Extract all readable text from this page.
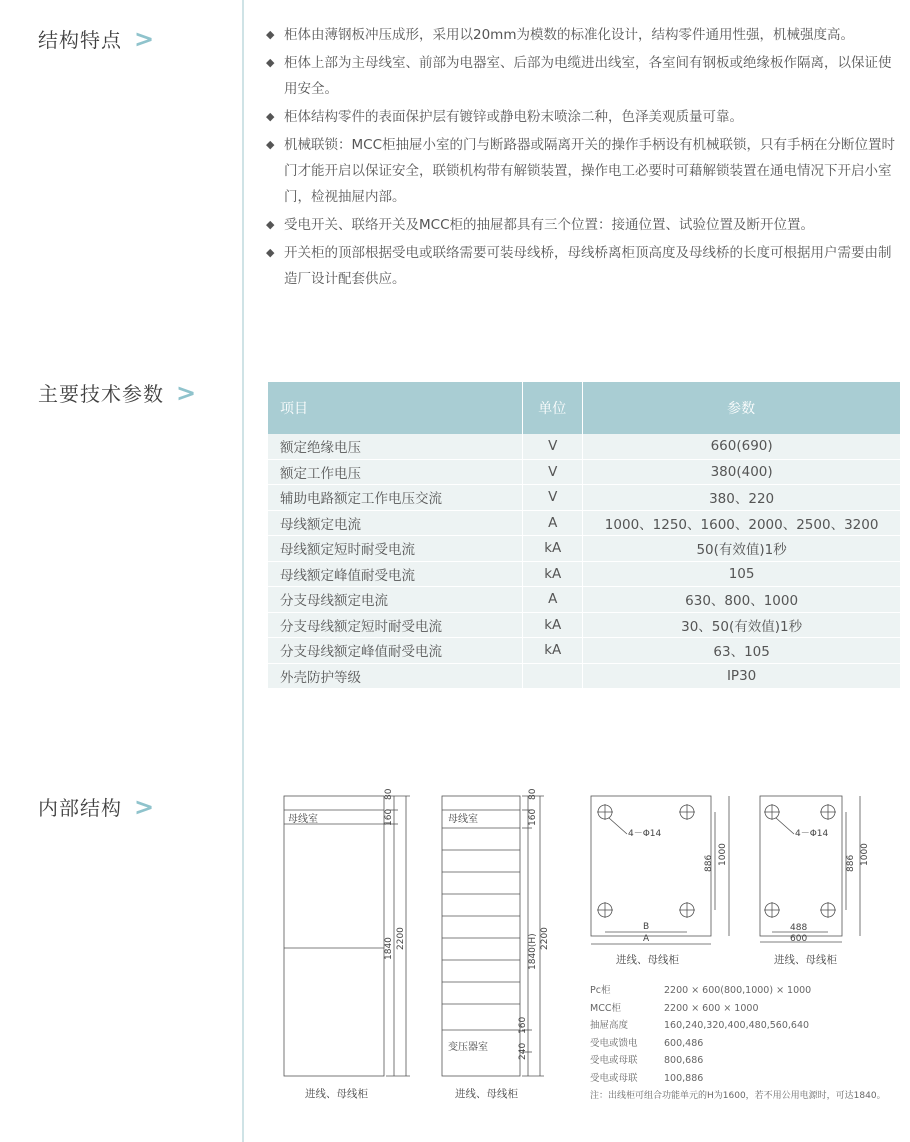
结构特点 >	◆ 柜体由薄钢板冲压成形，采用以20mm为模数的标准化设计，结构零件通用性强，机械强度高。
◆ 柜体上部为主母线室、前部为电器室、后部为电缆进出线室，各室间有钢板或绝缘板作隔离，以保证使用安全。
◆ 柜体结构零件的表面保护层有镀锌或静电粉末喷涂二种，色泽美观质量可靠。
◆ 机械联锁：MCC柜抽屉小室的门与断路器或隔离开关的操作手柄设有机械联锁，只有手柄在分断位置时门才能开启以保证安全，联锁机构带有解锁装置，操作电工必要时可藉解锁装置在通电情况下开启小室门，检视抽屉内部。
◆ 受电开关、联络开关及MCC柜的抽屉都具有三个位置：接通位置、试验位置及断开位置。
◆ 开关柜的顶部根据受电或联络需要可装母线桥，母线桥离柜顶高度及母线桥的长度可根据用户需要由制造厂设计配套供应。
主要技术参数 >
项目	单位	参数
额定绝缘电压	V	660(690)
额定工作电压	V	380(400)
辅助电路额定工作电压交流	V	380、220
母线额定电流	A	1000、1250、1600、2000、2500、3200
母线额定短时耐受电流	kA	50(有效值)1秒
母线额定峰值耐受电流	kA	105
分支母线额定电流	A	630、800、1000
分支母线额定短时耐受电流	kA	30、50(有效值)1秒
分支母线额定峰值耐受电流	kA	63、105
外壳防护等级		IP30
内部结构 >	母线室
80
160
1840 2200
进线、母线柜
母线室
变压器室
80
160
1840(H) 2200
160
240
进线、母线柜
4－Φ14
886 1000
B
A
进线、母线柜
4－Φ14
886 1000
488
600
进线、母线柜
Pc柜	2200 × 600(800,1000) × 1000
MCC柜	2200 × 600 × 1000
抽屉高度	160,240,320,400,480,560,640
受电或馈电	600,486
受电或母联	800,686
受电或母联	100,886
注：出线柜可组合功能单元的H为1600，若不用公用电源时，可达1840。
